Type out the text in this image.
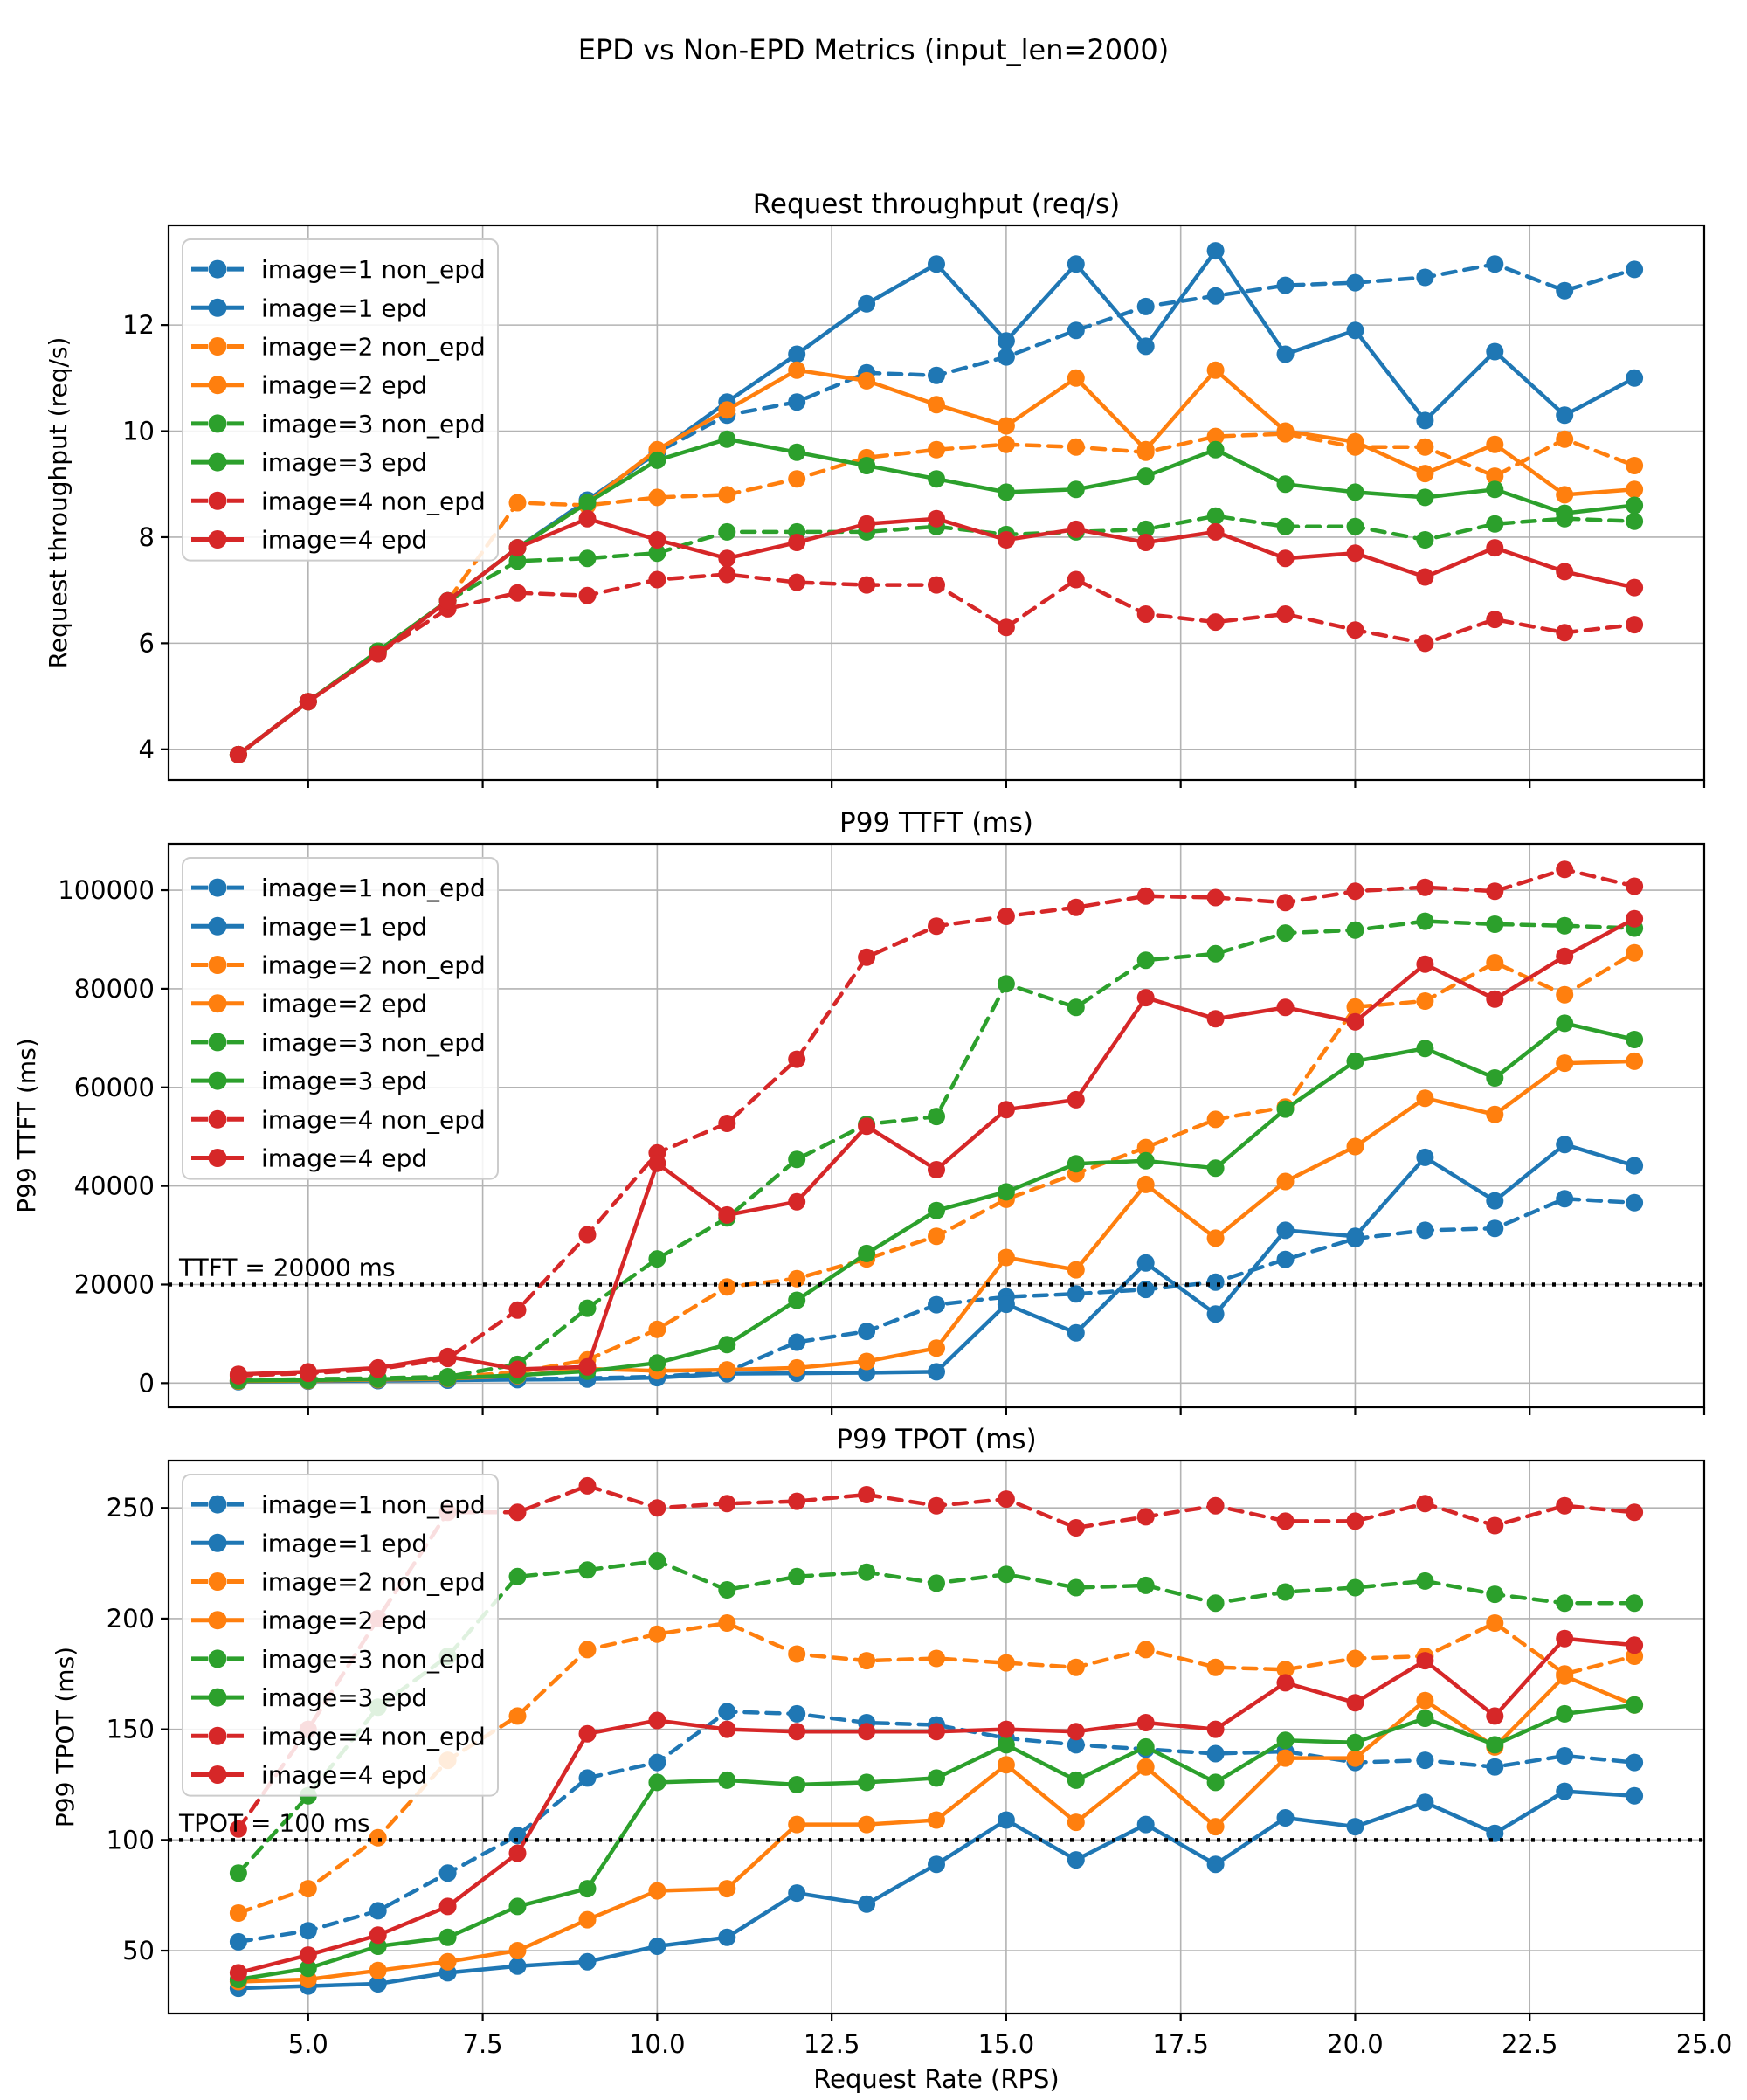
EPD vs Non-EPD Metrics (input_len=2000)
4
6
8
10
12
Request throughput (req/s)
Request throughput (req/s)
image=1 non_epd
image=1 epd
image=2 non_epd
image=2 epd
image=3 non_epd
image=3 epd
image=4 non_epd
image=4 epd
TTFT = 20000 ms
0
20000
40000
60000
80000
100000
P99 TTFT (ms)
P99 TTFT (ms)
image=1 non_epd
image=1 epd
image=2 non_epd
image=2 epd
image=3 non_epd
image=3 epd
image=4 non_epd
image=4 epd
TPOT = 100 ms
50
100
150
200
250
5.0	7.5	10.0	12.5	15.0	17.5	20.0	22.5	25.0
P99 TPOT (ms)
P99 TPOT (ms)
image=1 non_epd
image=1 epd
image=2 non_epd
image=2 epd
image=3 non_epd
image=3 epd
image=4 non_epd
image=4 epd
Request Rate (RPS)
